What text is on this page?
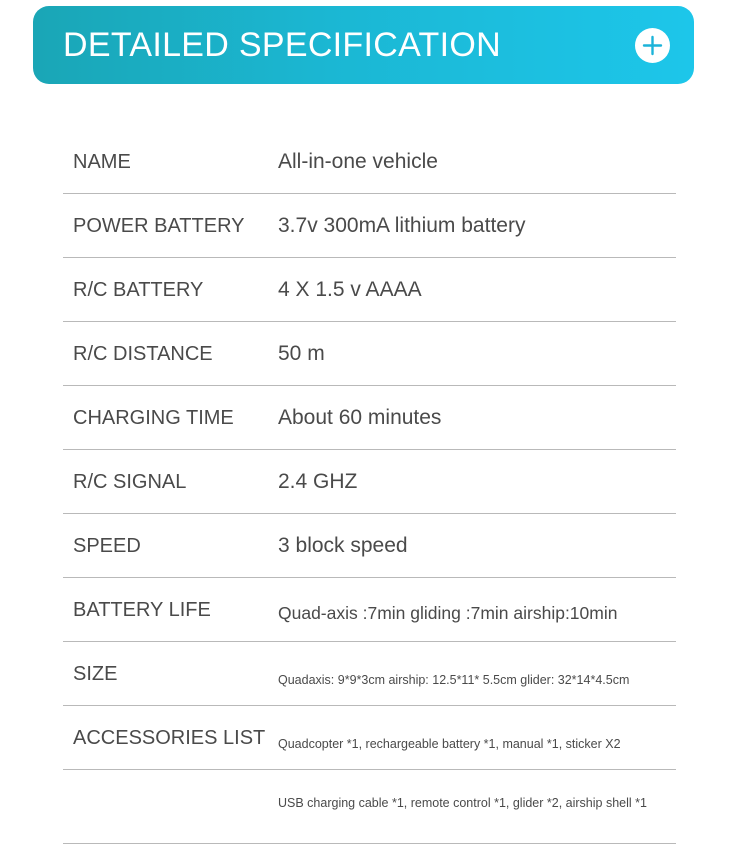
DETAILED SPECIFICATION
NAME	All-in-one vehicle
POWER BATTERY 3.7v 300mA lithium battery
R/C BATTERY	4 X 1.5 v AAAA
R/C DISTANCE	50 m
CHARGING TIME About 60 minutes
R/C SIGNAL	2.4 GHZ
SPEED	3 block speed
BATTERY LIFE	Quad-axis :7min gliding :7min airship:10min
SIZE	Quadaxis: 9*9*3cm airship: 12.5*11* 5.5cm glider: 32*14*4.5cm
ACCESSORIES LIST Quadcopter *1, rechargeable battery *1, manual *1, sticker X2
USB charging cable *1, remote control *1, glider *2, airship shell *1
